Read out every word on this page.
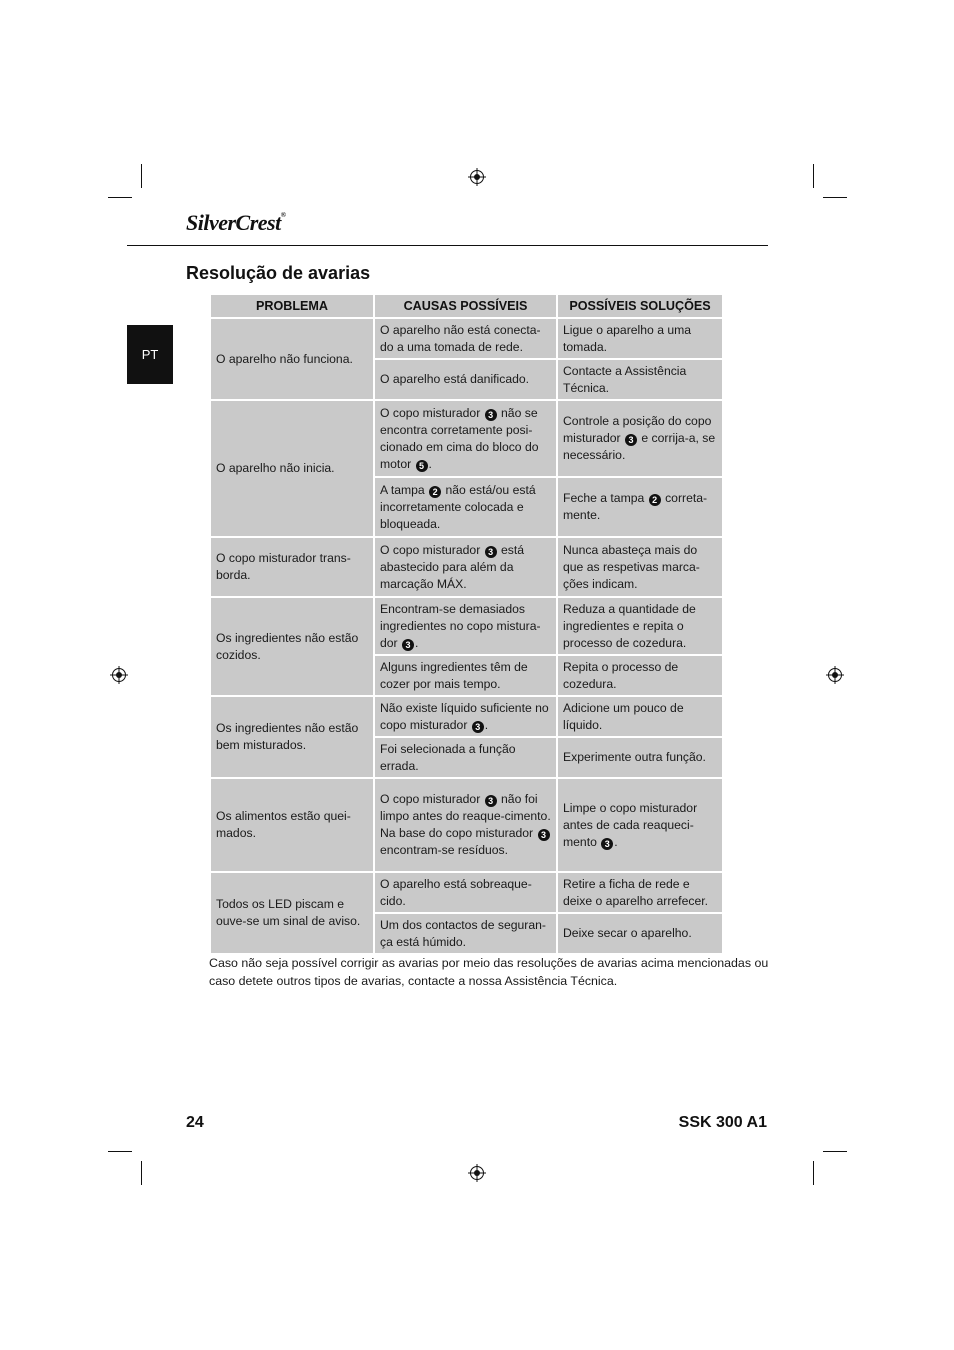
SilverCrest®
PT
Resolução de avarias
PROBLEMA	CAUSAS POSSÍVEIS	POSSÍVEIS SOLUÇÕES
O aparelho não funciona.	O aparelho não está conecta-do a uma tomada de rede.	Ligue o aparelho a uma tomada.
	O aparelho está danificado.	Contacte a Assistência Técnica.
O aparelho não inicia.	O copo misturador 3 não se encontra corretamente posi-cionado em cima do bloco do motor 5 .	Controle a posição do copo misturador 3 e corrija-a, se necessário.
	A tampa 2 não está/ou está incorretamente colocada e bloqueada.	Feche a tampa 2 correta-mente.
O copo misturador trans-borda.	O copo misturador 3 está abastecido para além da marcação MÁX.	Nunca abasteça mais do que as respetivas marca-ções indicam.
Os ingredientes não estão cozidos.	Encontram-se demasiados ingredientes no copo mistura-dor 3 .	Reduza a quantidade de ingredientes e repita o processo de cozedura.
	Alguns ingredientes têm de cozer por mais tempo.	Repita o processo de cozedura.
Os ingredientes não estão bem misturados.	Não existe líquido suficiente no copo misturador 3 .	Adicione um pouco de líquido.
	Foi selecionada a função errada.	Experimente outra função.
Os alimentos estão quei-mados.	O copo misturador 3 não foi limpo antes do reaque-cimento. Na base do copo misturador 3 encontram-se resíduos.	Limpe o copo misturador antes de cada reaqueci-mento 3 .
Todos os LED piscam e ouve-se um sinal de aviso.	O aparelho está sobreaque-cido.	Retire a ficha de rede e deixe o aparelho arrefecer.
	Um dos contactos de seguran-ça está húmido.	Deixe secar o aparelho.

Caso não seja possível corrigir as avarias por meio das resoluções de avarias acima mencionadas ou caso detete outros tipos de avarias, contacte a nossa Assistência Técnica.

24	SSK 300 A1
